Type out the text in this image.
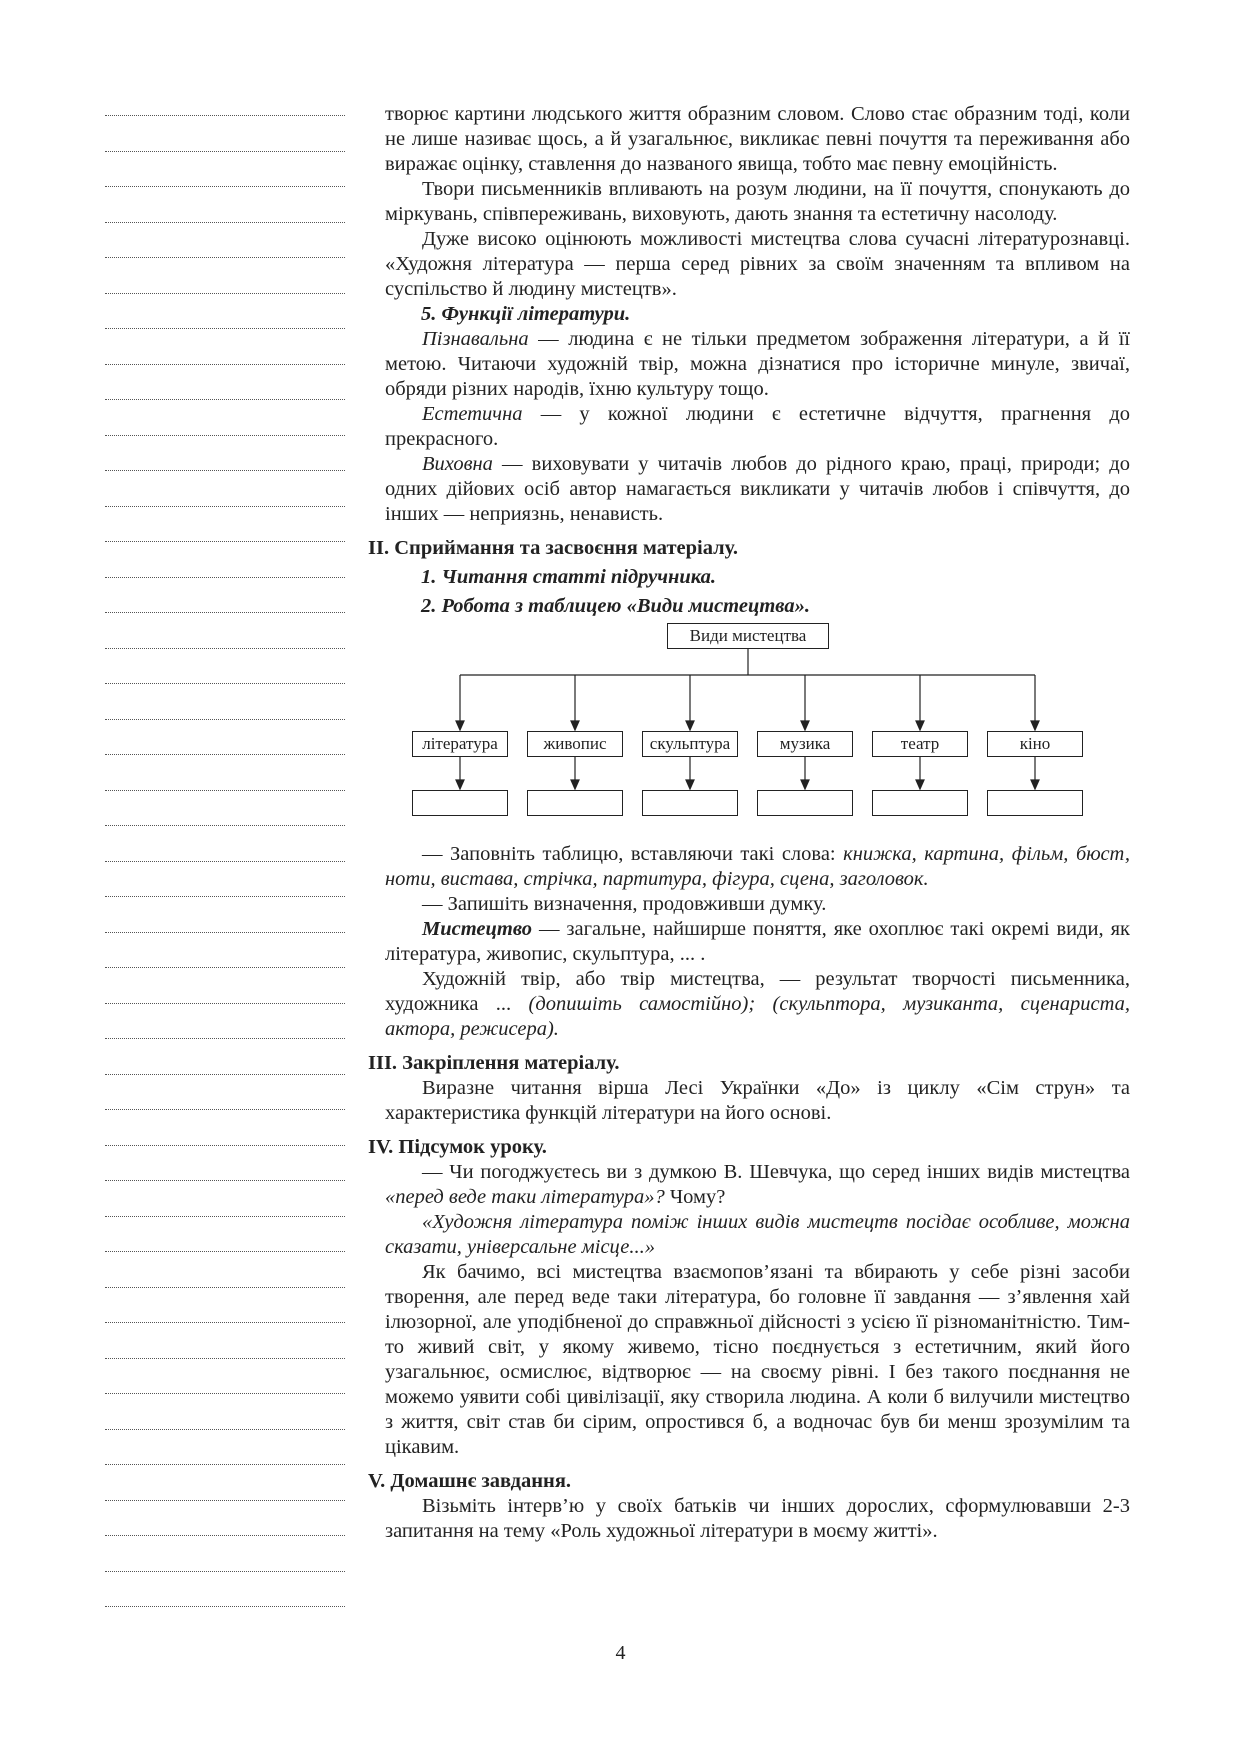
творює картини людського життя образним словом. Слово стає образним тоді, коли не лише називає щось, а й узагальнює, викликає певні почуття та переживання або виражає оцінку, ставлення до названого явища, тобто має певну емоційність.

Твори письменників впливають на розум людини, на її почуття, спонукають до міркувань, співпереживань, виховують, дають знання та естетичну насолоду.

Дуже високо оцінюють можливості мистецтва слова сучасні літературознавці. «Художня література — перша серед рівних за своїм значенням та впливом на суспільство й людину мистецтв».

5. Функції літератури.

Пізнавальна — людина є не тільки предметом зображення літератури, а й її метою. Читаючи художній твір, можна дізнатися про історичне минуле, звичаї, обряди різних народів, їхню культуру тощо.

Естетична — у кожної людини є естетичне відчуття, прагнення до прекрасного.

Виховна — виховувати у читачів любов до рідного краю, праці, природи; до одних дійових осіб автор намагається викликати у читачів любов і співчуття, до інших — неприязнь, ненависть.

II. Сприймання та засвоєння матеріалу.

1. Читання статті підручника.

2. Робота з таблицею «Види мистецтва».

Види мистецтва
література	живопис	скульптура	музика	театр	кіно

— Заповніть таблицю, вставляючи такі слова: книжка, картина, фільм, бюст, ноти, вистава, стрічка, партитура, фігура, сцена, заголовок.

— Запишіть визначення, продовживши думку.

Мистецтво — загальне, найширше поняття, яке охоплює такі окремі види, як література, живопис, скульптура, ... .

Художній твір, або твір мистецтва, — результат творчості письменника, художника ... (допишіть самостійно); (скульптора, музиканта, сценариста, актора, режисера).

III. Закріплення матеріалу.

Виразне читання вірша Лесі Українки «До» із циклу «Сім струн» та характеристика функцій літератури на його основі.

IV. Підсумок уроку.

— Чи погоджуєтесь ви з думкою В. Шевчука, що серед інших видів мистецтва «перед веде таки література»? Чому?

«Художня література поміж інших видів мистецтв посідає особливе, можна сказати, універсальне місце...»

Як бачимо, всі мистецтва взаємопов’язані та вбирають у себе різні засоби творення, але перед веде таки література, бо головне її завдання — з’явлення хай ілюзорної, але уподібненої до справжньої дійсності з усією її різноманітністю. Тим-то живий світ, у якому живемо, тісно поєднується з естетичним, який його узагальнює, осмислює, відтворює — на своєму рівні. І без такого поєднання не можемо уявити собі цивілізації, яку створила людина. А коли б вилучили мистецтво з життя, світ став би сірим, опростився б, а водночас був би менш зрозумілим та цікавим.

V. Домашнє завдання.

Візьміть інтерв’ю у своїх батьків чи інших дорослих, сформулювавши 2-3 запитання на тему «Роль художньої літератури в моєму житті».

4
